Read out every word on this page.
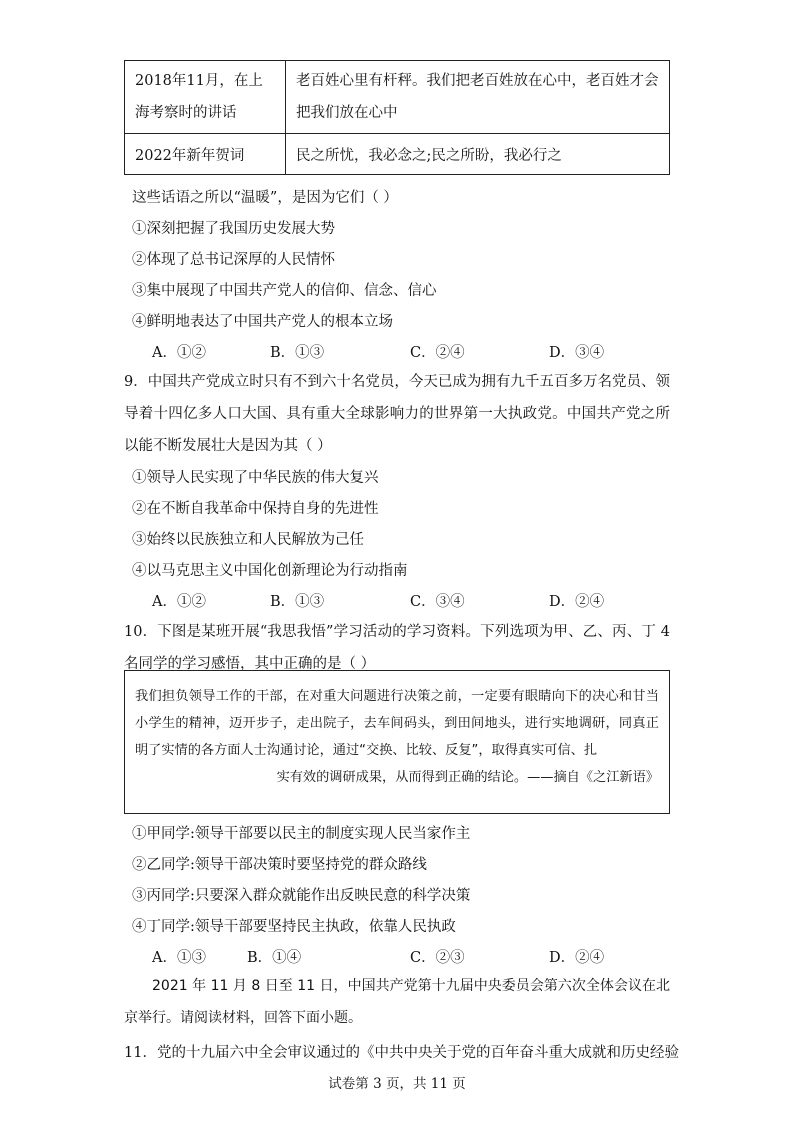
2018年11月，在上海考察时的讲话	老百姓心里有杆秤。我们把老百姓放在心中，老百姓才会把我们放在心中
2022年新年贺词	民之所忧，我必念之;民之所盼，我必行之
这些话语之所以“温暖”，是因为它们（ ）
①深刻把握了我国历史发展大势
②体现了总书记深厚的人民情怀
③集中展现了中国共产党人的信仰、信念、信心
④鲜明地表达了中国共产党人的根本立场
A．①②	B．①③	C．②④	D．③④
9．中国共产党成立时只有不到六十名党员，今天已成为拥有九千五百多万名党员、领导着十四亿多人口大国、具有重大全球影响力的世界第一大执政党。中国共产党之所以能不断发展壮大是因为其（ ）
①领导人民实现了中华民族的伟大复兴
②在不断自我革命中保持自身的先进性
③始终以民族独立和人民解放为己任
④以马克思主义中国化创新理论为行动指南
A．①②	B．①③	C．③④	D．②④
10．下图是某班开展“我思我悟”学习活动的学习资料。下列选项为甲、乙、丙、丁 4 名同学的学习感悟，其中正确的是（ ）

我们担负领导工作的干部，在对重大问题进行决策之前，一定要有眼睛向下的决心和甘当小学生的精神，迈开步子，走出院子，去车间码头，到田间地头，进行实地调研，同真正明了实情的各方面人士沟通讨论，通过“交换、比较、反复”，取得真实可信、扎

实有效的调研成果，从而得到正确的结论。——摘自《之江新语》

①甲同学:领导干部要以民主的制度实现人民当家作主
②乙同学:领导干部决策时要坚持党的群众路线
③丙同学:只要深入群众就能作出反映民意的科学决策
④丁同学:领导干部要坚持民主执政，依靠人民执政
A．①③	B．①④	C．②③	D．②④
2021 年 11 月 8 日至 11 日，中国共产党第十九届中央委员会第六次全体会议在北京举行。请阅读材料，回答下面小题。
11．党的十九届六中全会审议通过的《中共中央关于党的百年奋斗重大成就和历史经验
试卷第 3 页，共 11 页
